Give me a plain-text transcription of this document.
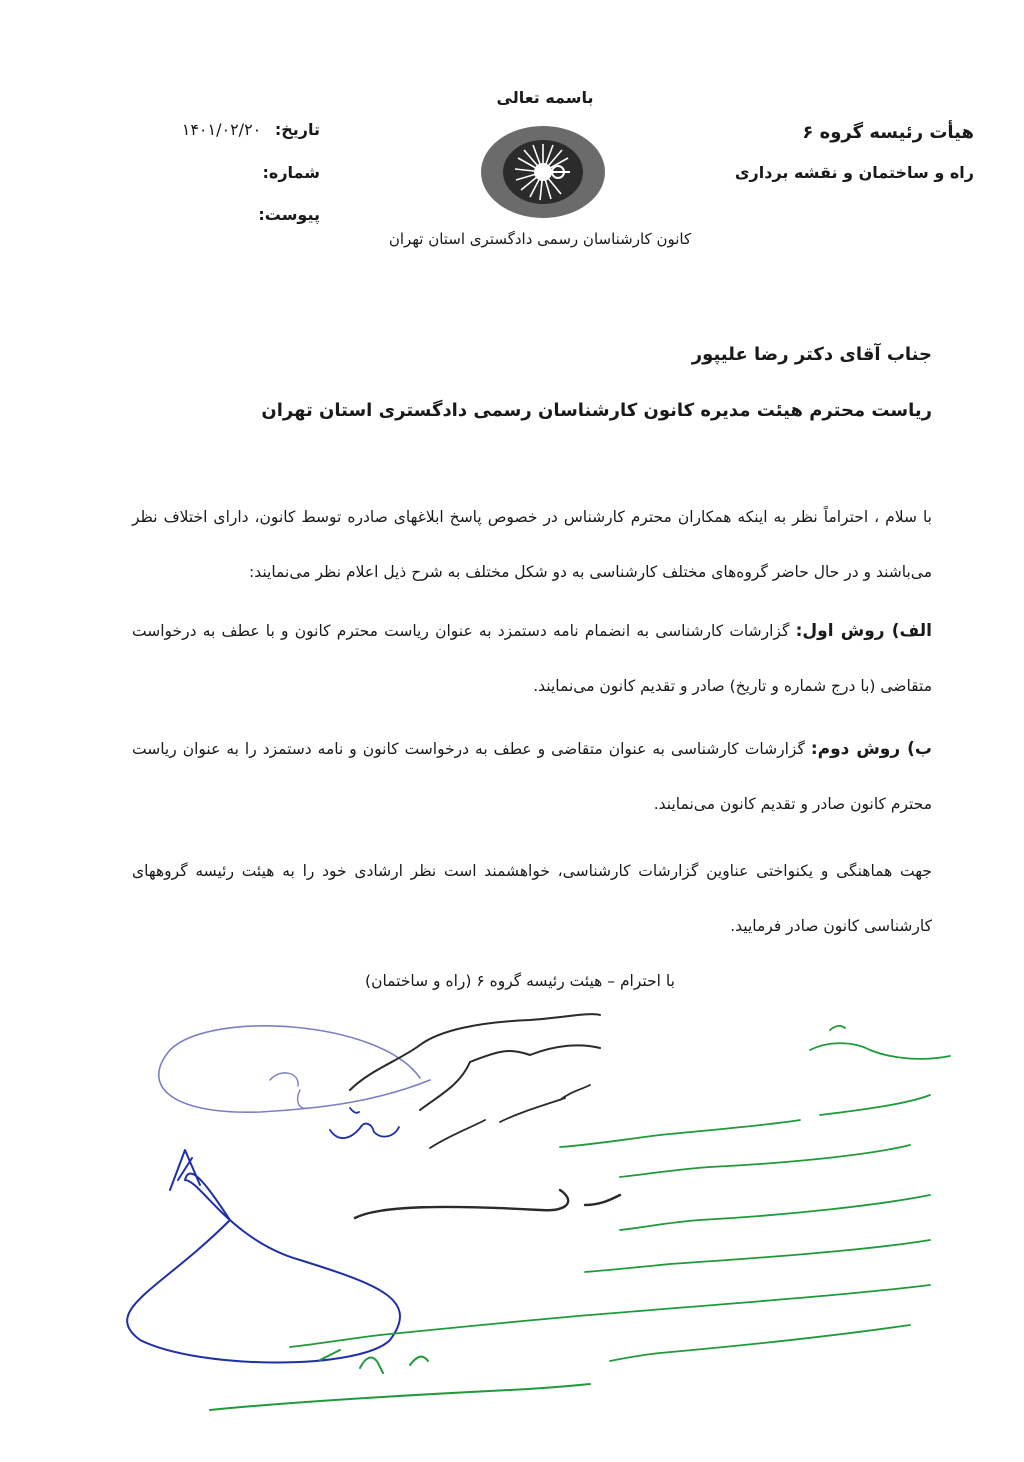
باسمه تعالی
کانون کارشناسان رسمی دادگستری استان تهران
هیأت رئیسه گروه ۶
راه و ساختمان و نقشه برداری
تاریخ: ۱۴۰۱/۰۲/۲۰
شماره:
پیوست:
جناب آقای دکتر رضا علیپور
ریاست محترم هیئت مدیره کانون کارشناسان رسمی دادگستری استان تهران
با سلام ، احتراماً نظر به اینکه همکاران محترم کارشناس در خصوص پاسخ ابلاغهای صادره توسط کانون، دارای اختلاف نظر می‌باشند و در حال حاضر گروه‌های مختلف کارشناسی به دو شکل مختلف به شرح ذیل اعلام نظر می‌نمایند:
الف) روش اول: گزارشات کارشناسی به انضمام نامه دستمزد به عنوان ریاست محترم کانون و با عطف به درخواست متقاضی (با درج شماره و تاریخ) صادر و تقدیم کانون می‌نمایند.
ب) روش دوم: گزارشات کارشناسی به عنوان متقاضی و عطف به درخواست کانون و نامه دستمزد را به عنوان ریاست محترم کانون صادر و تقدیم کانون می‌نمایند.
جهت هماهنگی و یکنواختی عناوین گزارشات کارشناسی، خواهشمند است نظر ارشادی خود را به هیئت رئیسه گروههای کارشناسی کانون صادر فرمایید.
با احترام – هیئت رئیسه گروه ۶ (راه و ساختمان)
